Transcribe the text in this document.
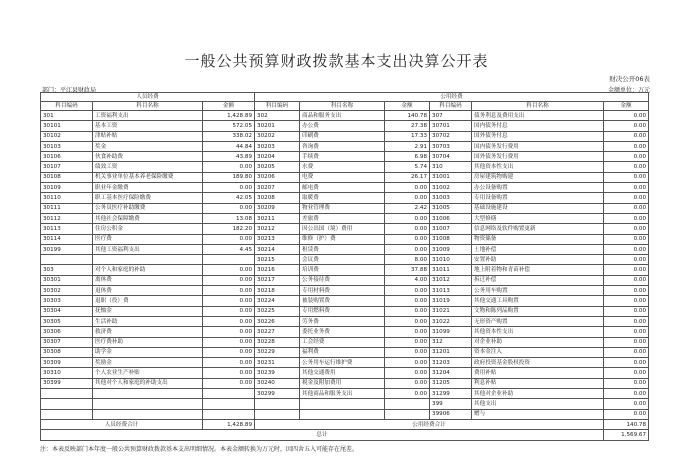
一般公共预算财政拨款基本支出决算公开表
财决公开06表
部门：平江县财政局	金额单位：万元
人员经费			公用经费					
科目编码	科目名称	金额	科目编码	科目名称	金额	科目编码	科目名称	金额
301	工资福利支出	1,428.89	302	商品和服务支出	140.78	307	债务利息及费用支出	0.00
30101	基本工资	572.05	30201	办公费	27.38	30701	国内债务付息	0.00
30102	津贴补贴	338.02	30202	印刷费	17.33	30702	国外债务付息	0.00
30103	奖金	44.84	30203	咨询费	2.91	30703	国内债务发行费用	0.00
30106	伙食补助费	43.89	30204	手续费	6.98	30704	国外债务发行费用	0.00
30107	绩效工资	0.00	30205	水费	5.74	310	其他资本性支出	0.00
30108	机关事业单位基本养老保险缴费	189.80	30206	电费	26.17	31001	房屋建筑物购建	0.00
30109	职业年金缴费	0.00	30207	邮电费	0.00	31002	办公设备购置	0.00
30110	职工基本医疗保险缴费	42.05	30208	取暖费	0.00	31003	专用设备购置	0.00
30111	公务员医疗补助缴费	0.00	30209	物业管理费	2.42	31005	基础设施建设	0.00
30112	其他社会保障缴费	13.08	30211	差旅费	0.00	31006	大型修缮	0.00
30113	住房公积金	182.20	30212	因公出国（境）费用	0.00	31007	信息网络及软件购置更新	0.00
30114	医疗费	0.00	30213	维修（护）费	0.00	31008	物资储备	0.00
30199	其他工资福利支出	4.45	30214	租赁费	0.00	31009	土地补偿	0.00
			30215	会议费	8.00	31010	安置补助	0.00
303	对个人和家庭的补助	0.00	30216	培训费	37.88	31011	地上附着物和青苗补偿	0.00
30301	离休费	0.00	30217	公务接待费	4.00	31012	拆迁补偿	0.00
30302	退休费	0.00	30218	专用材料费	0.00	31013	公务用车购置	0.00
30303	退职（役）费	0.00	30224	被装购置费	0.00	31019	其他交通工具购置	0.00
30304	抚恤金	0.00	30225	专用燃料费	0.00	31021	文物和陈列品购置	0.00
30305	生活补助	0.00	30226	劳务费	0.00	31022	无形资产购置	0.00
30306	救济费	0.00	30227	委托业务费	0.00	31099	其他资本性支出	0.00
30307	医疗费补助	0.00	30228	工会经费	0.00	312	对企业补助	0.00
30308	助学金	0.00	30229	福利费	0.00	31201	资本金注入	0.00
30309	奖励金	0.00	30231	公务用车运行维护费	0.00	31203	政府投资基金股权投资	0.00
30310	个人农业生产补贴	0.00	30239	其他交通费用	0.00	31204	费用补贴	0.00
30399	其他对个人和家庭的补助支出	0.00	30240	税金及附加费用	0.00	31205	利息补贴	0.00
			30299	其他商品和服务支出	0.00	31299	其他对企业补助	0.00
						399	其他支出	0.00
						39906	赠与	0.00
人员经费合计		1,428.89	公用经费合计					140.78
总计								1,569.67
注：本表反映部门本年度一般公共预算财政拨款基本支出明细情况。本表金额转换为万元时，因四舍五入可能存在尾差。
